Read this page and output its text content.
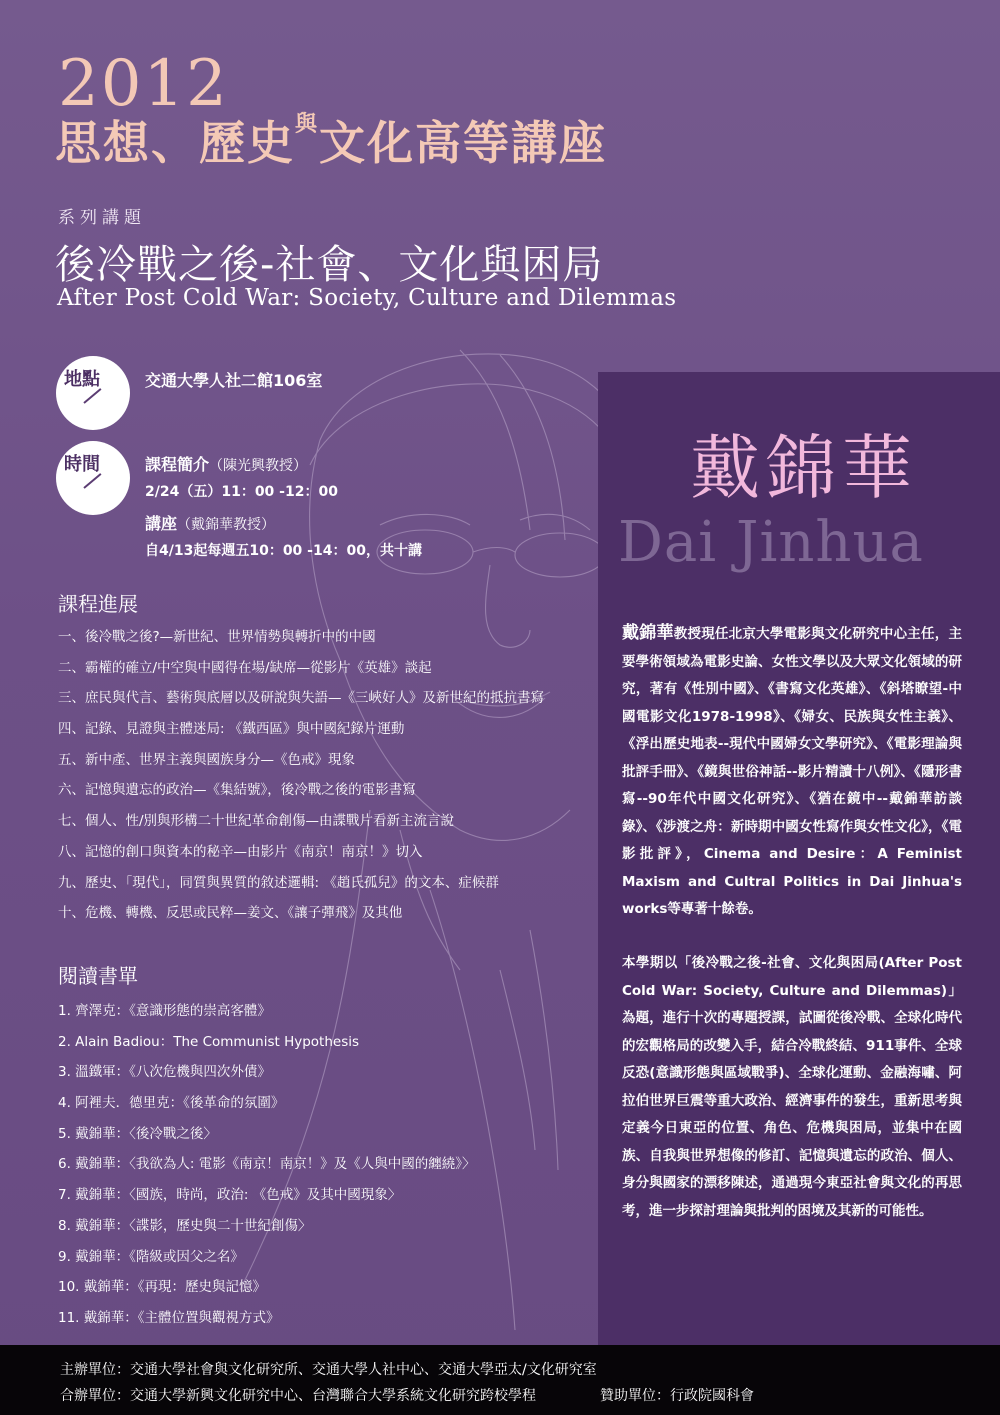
2012
思想、歷史$^與$文化高等講座
系列講題
後冷戰之後-社會、文化與困局
After Post Cold War: Society, Culture and Dilemmas
地點	交通大學人社二館106室
時間	課程簡介（陳光興教授）
2/24（五）11：00 -12：00
講座（戴錦華教授）
自4/13起每週五10：00 -14：00，共十講
課程進展
一、後冷戰之後?—新世紀、世界情勢與轉折中的中國
二、霸權的確立/中空與中國得在場/缺席—從影片《英雄》談起
三、庶民與代言、藝術與底層以及研說與失語—《三峽好人》及新世紀的抵抗書寫
四、記錄、見證與主體迷局: 《鐵西區》與中國紀錄片運動
五、新中產、世界主義與國族身分—《色戒》現象
六、記憶與遺忘的政治—《集結號》，後冷戰之後的電影書寫
七、個人、性/別與形構二十世紀革命創傷—由諜戰片看新主流言說
八、記憶的創口與資本的秘辛—由影片《南京！南京！》切入
九、歷史、「現代」，同質與異質的敘述邏輯: 《趙氏孤兒》的文本、症候群
十、危機、轉機、反思或民粹—姜文、《讓子彈飛》及其他
閱讀書單
1. 齊澤克：《意識形態的崇高客體》
2. Alain Badiou：The Communist Hypothesis
3. 溫鐵軍：《八次危機與四次外債》
4. 阿裡夫．德里克：《後革命的氛圍》
5. 戴錦華：〈後冷戰之後〉
6. 戴錦華：〈我欲為人: 電影《南京！南京！》及《人與中國的纏繞》〉
7. 戴錦華：〈國族，時尚，政治: 《色戒》及其中國現象〉
8. 戴錦華：〈諜影，歷史與二十世紀創傷〉
9. 戴錦華：《階級或因父之名》
10. 戴錦華：《再現：歷史與記憶》
11. 戴錦華：《主體位置與觀視方式》
戴錦華
Dai Jinhua
戴錦華教授現任北京大學電影與文化研究中心主任，主要學術領域為電影史論、女性文學以及大眾文化領域的研究，著有《性別中國》、《書寫文化英雄》、《斜塔瞭望-中國電影文化1978-1998》、《婦女、民族與女性主義》、《浮出歷史地表--現代中國婦女文學研究》、《電影理論與批評手冊》、《鏡與世俗神話--影片精讀十八例》、《隱形書寫--90年代中國文化研究》、《猶在鏡中--戴錦華訪談錄》、《涉渡之舟：新時期中國女性寫作與女性文化》，《電影批評》，Cinema and Desire：A Feminist Maxism and Cultral Politics in Dai Jinhua's works等專著十餘卷。
本學期以「後冷戰之後-社會、文化與困局(After Post Cold War: Society, Culture and Dilemmas)」為題，進行十次的專題授課，試圖從後冷戰、全球化時代的宏觀格局的改變入手，結合冷戰終結、911事件、全球反恐(意識形態與區域戰爭)、全球化運動、金融海嘯、阿拉伯世界巨震等重大政治、經濟事件的發生，重新思考與定義今日東亞的位置、角色、危機與困局，並集中在國族、自我與世界想像的修訂、記憶與遺忘的政治、個人、身分與國家的漂移陳述，通過現今東亞社會與文化的再思考，進一步探討理論與批判的困境及其新的可能性。
主辦單位：交通大學社會與文化研究所、交通大學人社中心、交通大學亞太/文化研究室
合辦單位：交通大學新興文化研究中心、台灣聯合大學系統文化研究跨校學程	贊助單位：行政院國科會
